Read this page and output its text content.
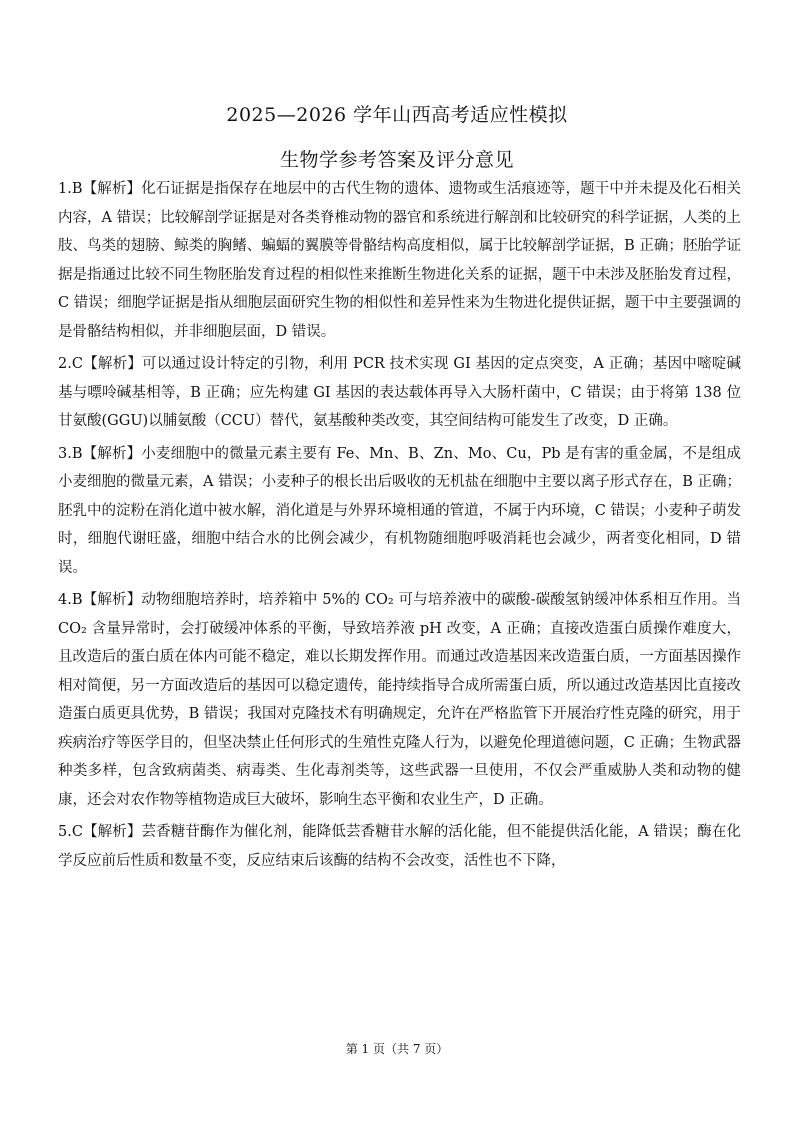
2025—2026 学年山西高考适应性模拟
生物学参考答案及评分意见

1.B【解析】化石证据是指保存在地层中的古代生物的遗体、遗物或生活痕迹等，题干中并未提及化石相关内容，A 错误；比较解剖学证据是对各类脊椎动物的器官和系统进行解剖和比较研究的科学证据，人类的上肢、鸟类的翅膀、鲸类的胸鳍、蝙蝠的翼膜等骨骼结构高度相似，属于比较解剖学证据，B 正确；胚胎学证据是指通过比较不同生物胚胎发育过程的相似性来推断生物进化关系的证据，题干中未涉及胚胎发育过程，C 错误；细胞学证据是指从细胞层面研究生物的相似性和差异性来为生物进化提供证据，题干中主要强调的是骨骼结构相似，并非细胞层面，D 错误。

2.C【解析】可以通过设计特定的引物，利用 PCR 技术实现 GI 基因的定点突变，A 正确；基因中嘧啶碱基与嘌呤碱基相等，B 正确；应先构建 GI 基因的表达载体再导入大肠杆菌中，C 错误；由于将第 138 位甘氨酸(GGU)以脯氨酸（CCU）替代，氨基酸种类改变，其空间结构可能发生了改变，D 正确。

3.B【解析】小麦细胞中的微量元素主要有 Fe、Mn、B、Zn、Mo、Cu，Pb 是有害的重金属，不是组成小麦细胞的微量元素，A 错误；小麦种子的根长出后吸收的无机盐在细胞中主要以离子形式存在，B 正确；胚乳中的淀粉在消化道中被水解，消化道是与外界环境相通的管道，不属于内环境，C 错误；小麦种子萌发时，细胞代谢旺盛，细胞中结合水的比例会减少，有机物随细胞呼吸消耗也会减少，两者变化相同，D 错误。

4.B【解析】动物细胞培养时，培养箱中 5%的 CO₂ 可与培养液中的碳酸-碳酸氢钠缓冲体系相互作用。当 CO₂ 含量异常时，会打破缓冲体系的平衡，导致培养液 pH 改变，A 正确；直接改造蛋白质操作难度大，且改造后的蛋白质在体内可能不稳定，难以长期发挥作用。而通过改造基因来改造蛋白质，一方面基因操作相对简便，另一方面改造后的基因可以稳定遗传，能持续指导合成所需蛋白质，所以通过改造基因比直接改造蛋白质更具优势，B 错误；我国对克隆技术有明确规定，允许在严格监管下开展治疗性克隆的研究，用于疾病治疗等医学目的，但坚决禁止任何形式的生殖性克隆人行为，以避免伦理道德问题，C 正确；生物武器种类多样，包含致病菌类、病毒类、生化毒剂类等，这些武器一旦使用，不仅会严重威胁人类和动物的健康，还会对农作物等植物造成巨大破坏，影响生态平衡和农业生产，D 正确。

5.C【解析】芸香糖苷酶作为催化剂，能降低芸香糖苷水解的活化能，但不能提供活化能，A 错误；酶在化学反应前后性质和数量不变，反应结束后该酶的结构不会改变，活性也不下降，

第 1 页（共 7 页）
